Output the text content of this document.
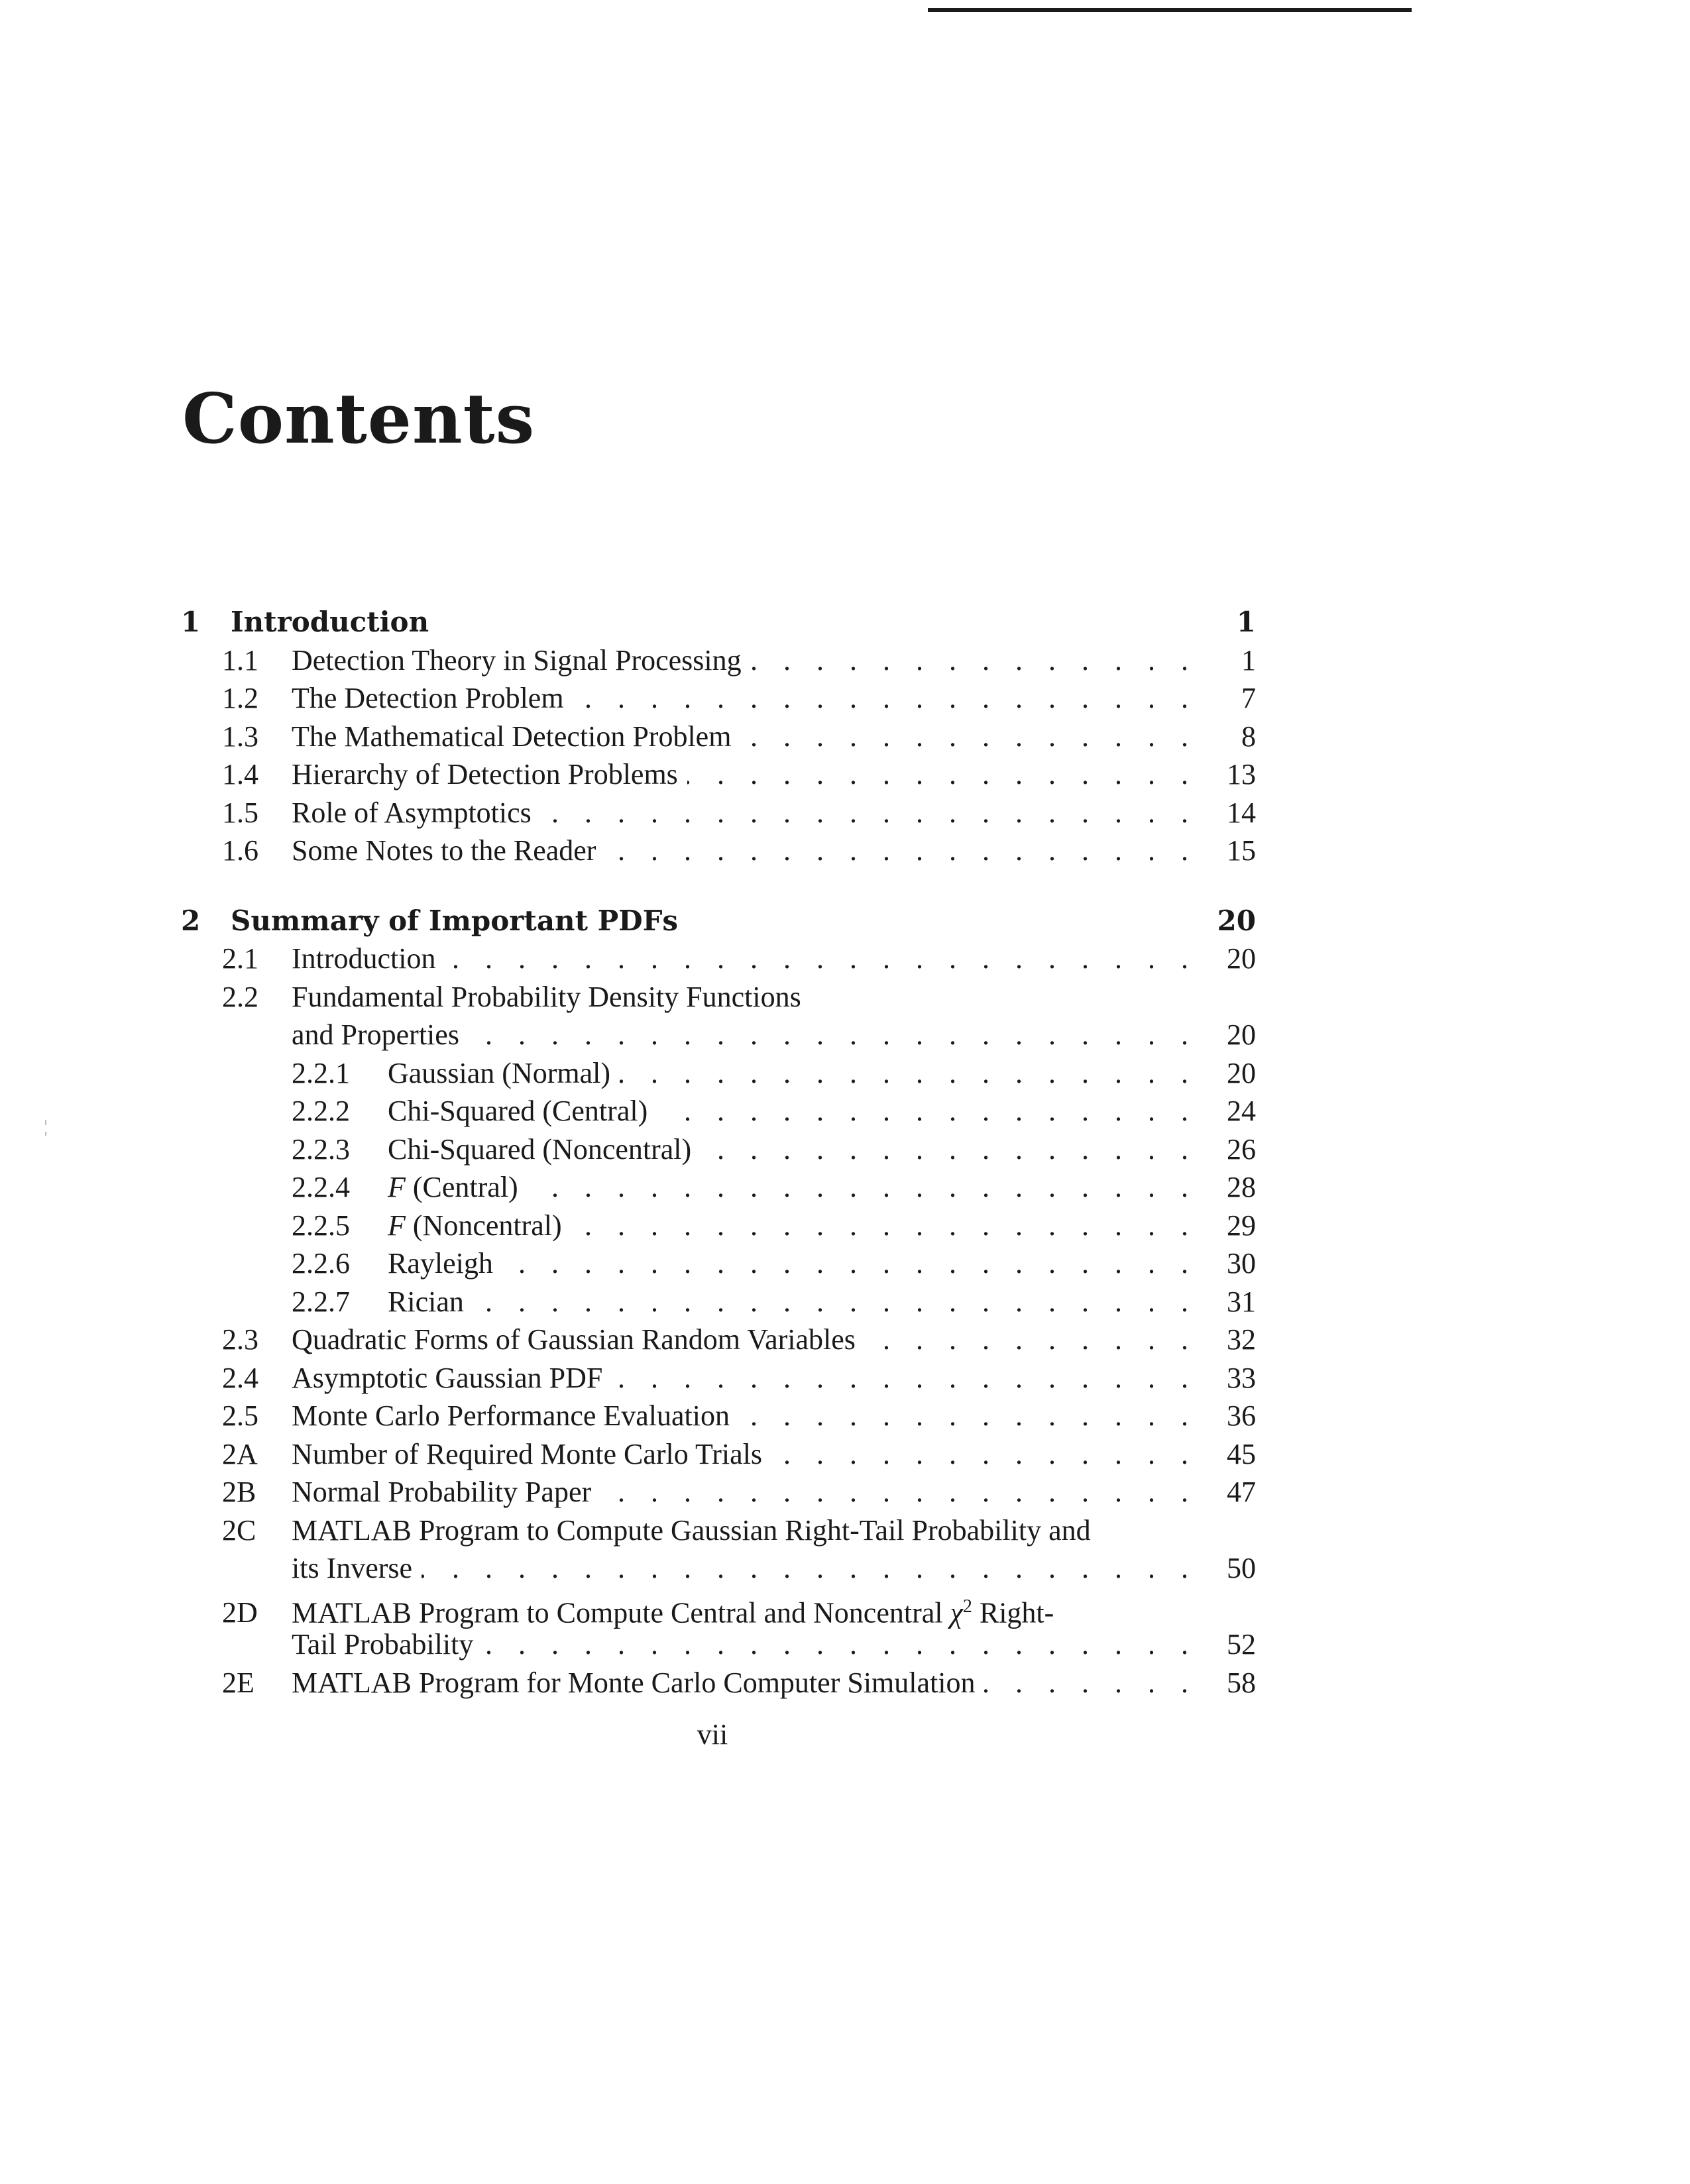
Contents
1	Introduction	1
1.1	Detection Theory in Signal Processing . . .	1
1.2	The Detection Problem . . .	7
1.3	The Mathematical Detection Problem . . .	8
1.4	Hierarchy of Detection Problems . . .	13
1.5	Role of Asymptotics . . .	14
1.6	Some Notes to the Reader . . .	15
2	Summary of Important PDFs	20
2.1	Introduction . . .	20
2.2	Fundamental Probability Density Functions
and Properties . . .	20
2.2.1	Gaussian (Normal) . . .	20
2.2.2	Chi-Squared (Central) . . .	24
2.2.3	Chi-Squared (Noncentral) . . .	26
2.2.4	F (Central) . . .	28
2.2.5	F (Noncentral) . . .	29
2.2.6	Rayleigh . . .	30
2.2.7	Rician . . .	31
2.3	Quadratic Forms of Gaussian Random Variables . . .	32
2.4	Asymptotic Gaussian PDF . . .	33
2.5	Monte Carlo Performance Evaluation . . .	36
2A	Number of Required Monte Carlo Trials . . .	45
2B	Normal Probability Paper . . .	47
2C	MATLAB Program to Compute Gaussian Right-Tail Probability and
its Inverse . . .	50
2D	MATLAB Program to Compute Central and Noncentral $\chi^2$ Right-
Tail Probability . . .	52
2E	MATLAB Program for Monte Carlo Computer Simulation . . .	58
vii
